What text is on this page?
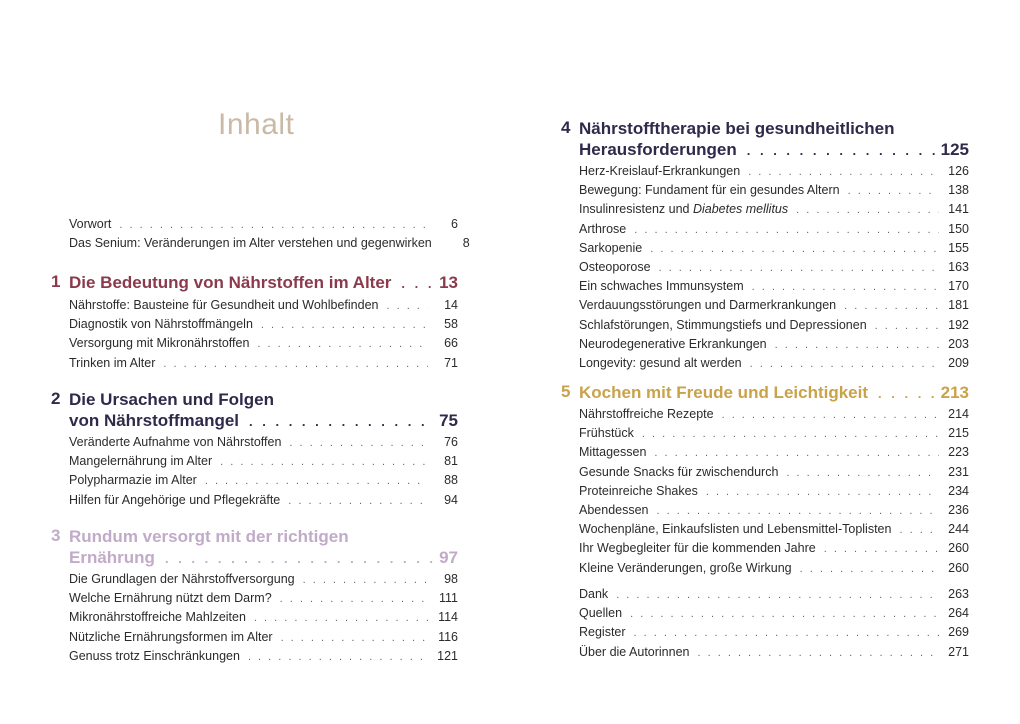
Inhalt
Vorwort . . .	6
Das Senium: Veränderungen im Alter verstehen und gegenwirken	8
1 Die Bedeutung von Nährstoffen im Alter . . .	13
Nährstoffe: Bausteine für Gesundheit und Wohlbefinden . . .	14
Diagnostik von Nährstoffmängeln . . .	58
Versorgung mit Mikronährstoffen . . .	66
Trinken im Alter . . .	71
2 Die Ursachen und Folgen
von Nährstoffmangel . . .	75
Veränderte Aufnahme von Nährstoffen . . .	76
Mangelernährung im Alter . . .	81
Polypharmazie im Alter . . .	88
Hilfen für Angehörige und Pflegekräfte . . .	94
3 Rundum versorgt mit der richtigen
Ernährung . . .	97
Die Grundlagen der Nährstoffversorgung . . .	98
Welche Ernährung nützt dem Darm? . . .	111
Mikronährstoffreiche Mahlzeiten . . .	114
Nützliche Ernährungsformen im Alter . . .	116
Genuss trotz Einschränkungen . . .	121
4 Nährstofftherapie bei gesundheitlichen
Herausforderungen . . .	125
Herz-Kreislauf-Erkrankungen . . .	126
Bewegung: Fundament für ein gesundes Altern . . .	138
Insulinresistenz und Diabetes mellitus . . .	141
Arthrose . . .	150
Sarkopenie . . .	155
Osteoporose . . .	163
Ein schwaches Immunsystem . . .	170
Verdauungsstörungen und Darmerkrankungen . . .	181
Schlafstörungen, Stimmungstiefs und Depressionen . . .	192
Neurodegenerative Erkrankungen . . .	203
Longevity: gesund alt werden . . .	209
5 Kochen mit Freude und Leichtigkeit . . .	213
Nährstoffreiche Rezepte . . .	214
Frühstück . . .	215
Mittagessen . . .	223
Gesunde Snacks für zwischendurch . . .	231
Proteinreiche Shakes . . .	234
Abendessen . . .	236
Wochenpläne, Einkaufslisten und Lebensmittel-Toplisten . . .	244
Ihr Wegbegleiter für die kommenden Jahre . . .	260
Kleine Veränderungen, große Wirkung . . .	260
Dank . . .	263
Quellen . . .	264
Register . . .	269
Über die Autorinnen . . .	271
